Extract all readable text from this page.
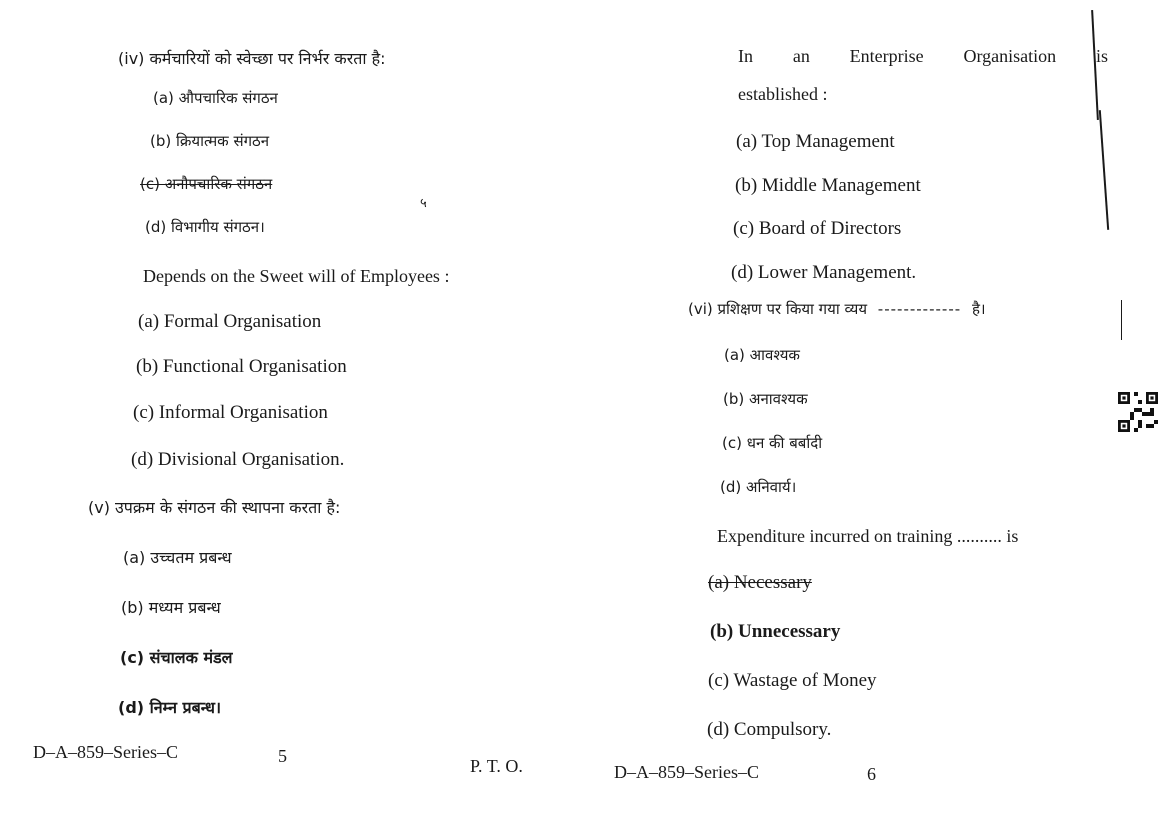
(iv) कर्मचारियों को स्वेच्छा पर निर्भर करता है:
(a) औपचारिक संगठन
(b) क्रियात्मक संगठन
(c) अनौपचारिक संगठन
५
(d) विभागीय संगठन।
Depends on the Sweet will of Employees :
(a) Formal Organisation
(b) Functional Organisation
(c) Informal Organisation
(d) Divisional Organisation.
(v) उपक्रम के संगठन की स्थापना करता है:
(a) उच्चतम प्रबन्ध
(b) मध्यम प्रबन्ध
(c) संचालक मंडल
(d) निम्न प्रबन्ध।
D–A–859–Series–C	5	P. T. O.
In an Enterprise Organisation is
established :
(a) Top Management
(b) Middle Management
(c) Board of Directors
(d) Lower Management.
(vi) प्रशिक्षण पर किया गया व्यय ------------- है।
(a) आवश्यक
(b) अनावश्यक
(c) धन की बर्बादी
(d) अनिवार्य।
Expenditure incurred on training .......... is
(a) Necessary
(b) Unnecessary
(c) Wastage of Money
(d) Compulsory.
D–A–859–Series–C	6
